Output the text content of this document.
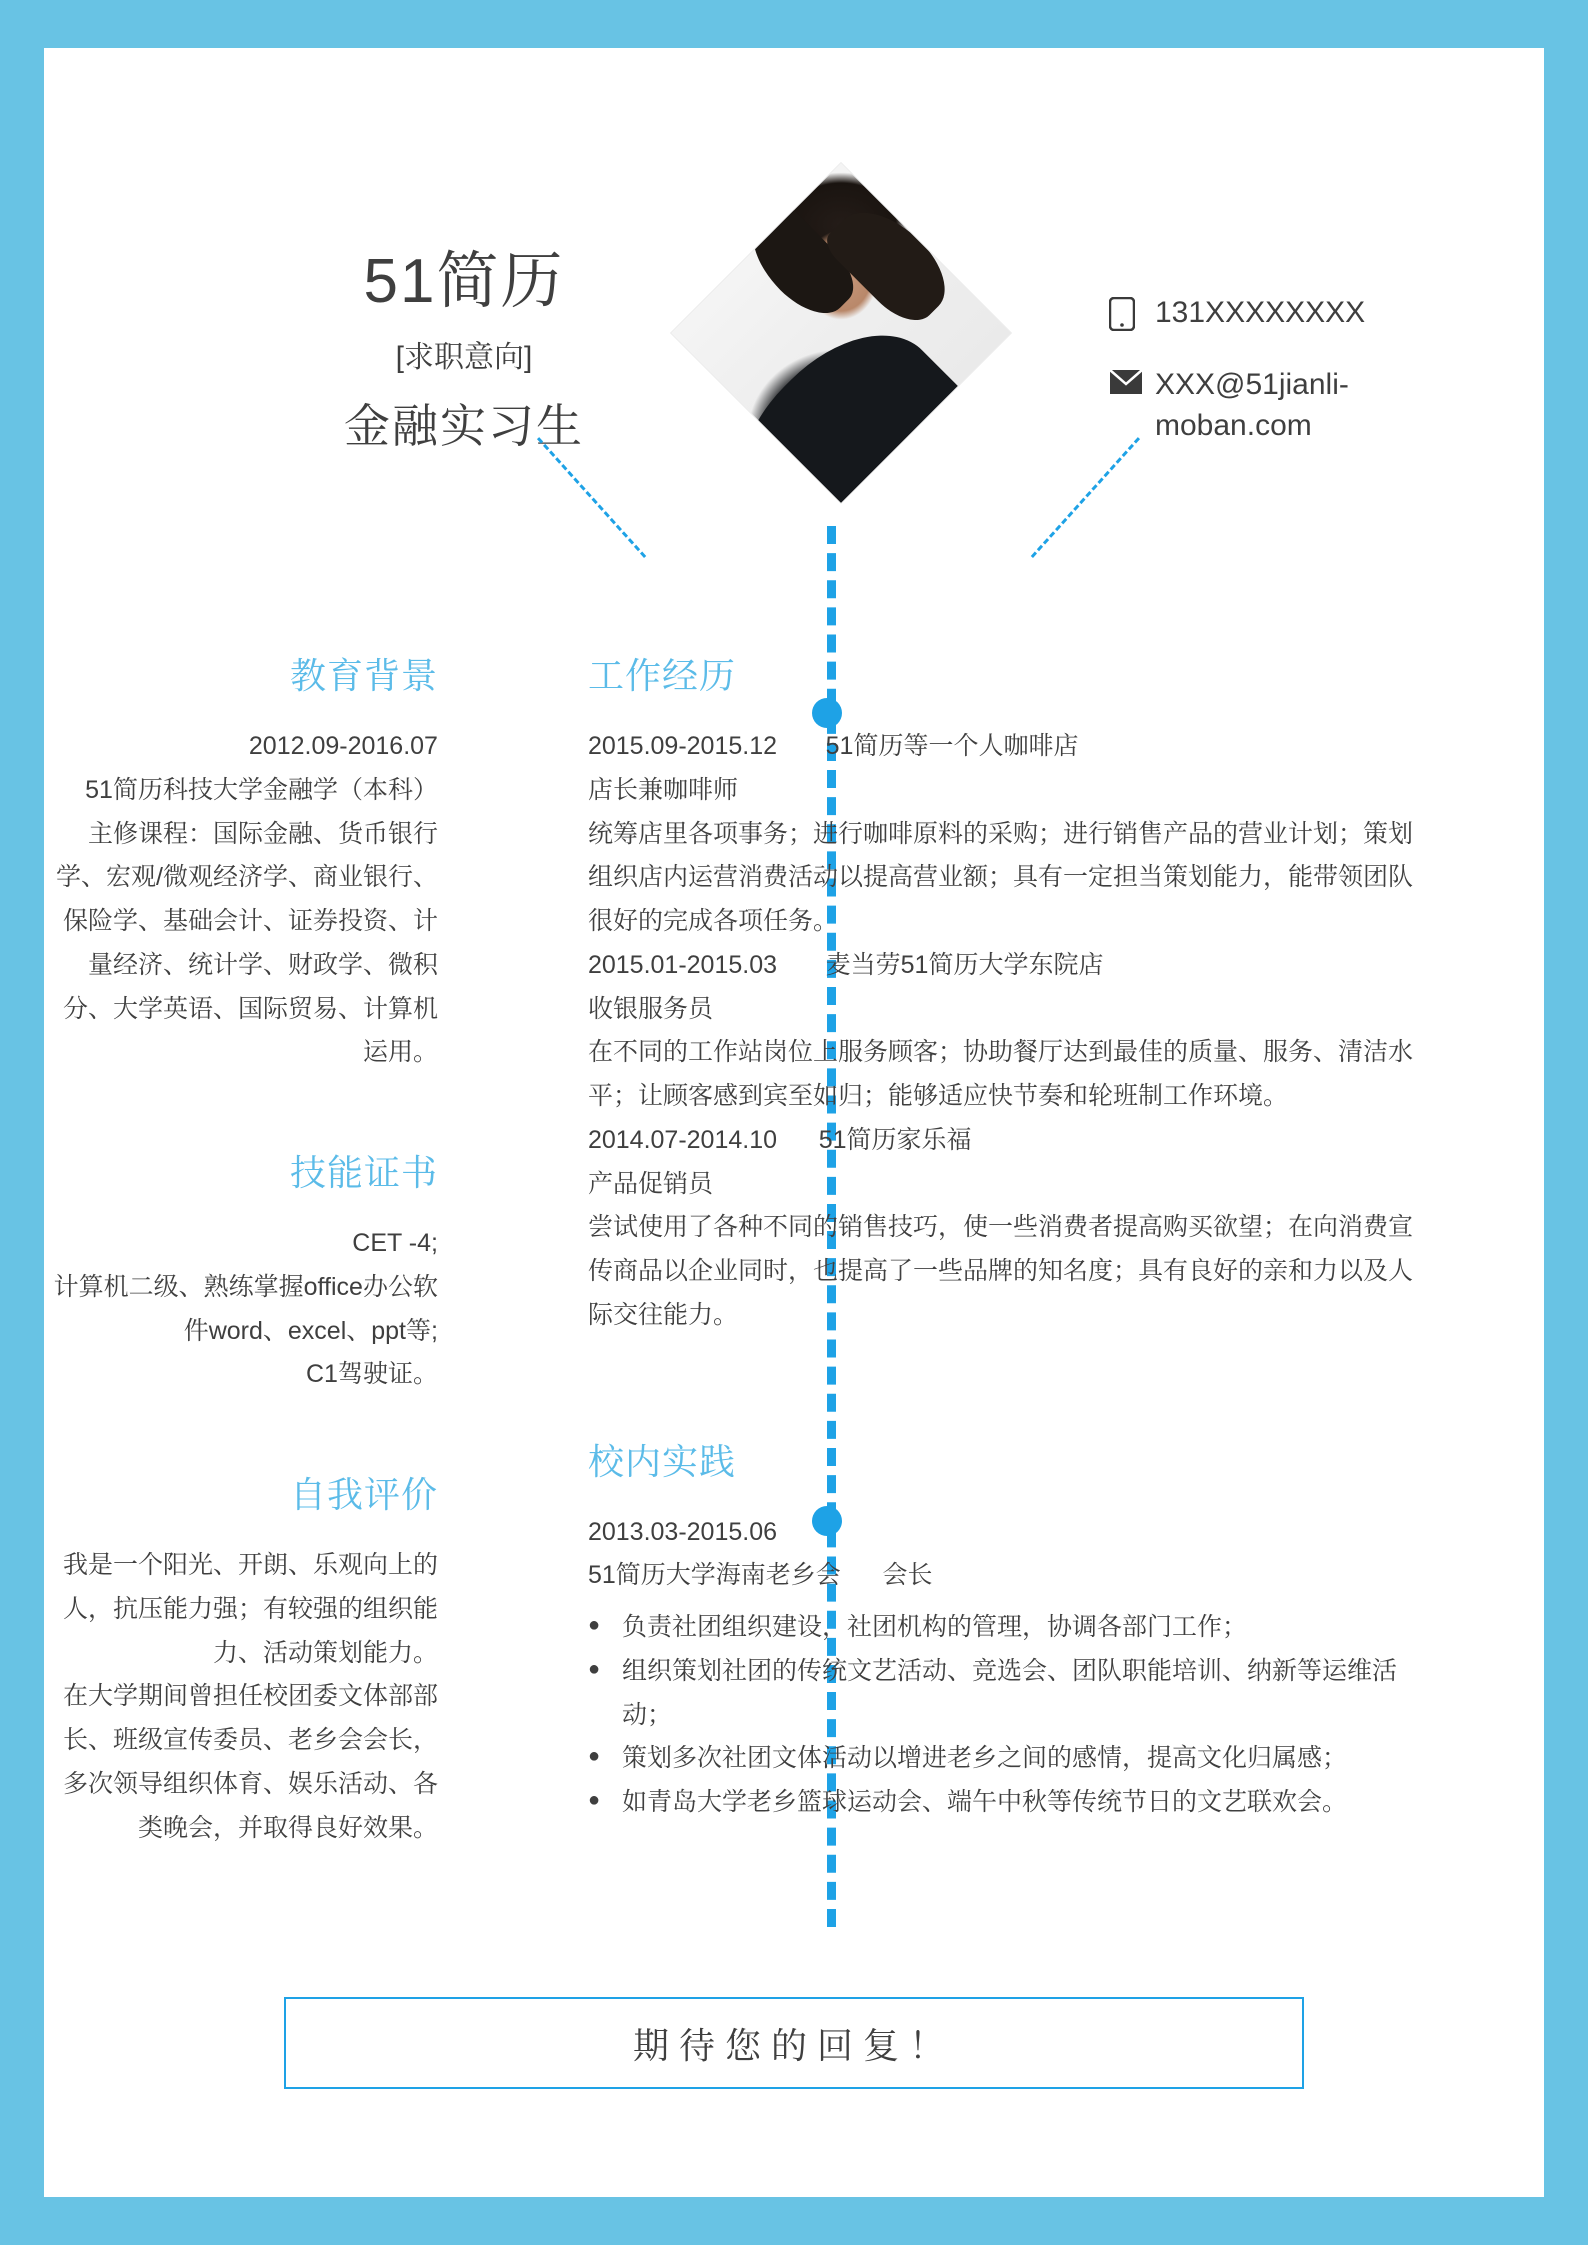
51简历
[求职意向]
金融实习生
131XXXXXXXX
XXX@51jianli-moban.com
教育背景
2012.09-2016.07
51简历科技大学金融学（本科）
主修课程：国际金融、货币银行学、宏观/微观经济学、商业银行、保险学、基础会计、证券投资、计量经济、统计学、财政学、微积分、大学英语、国际贸易、计算机运用。
技能证书
CET -4;
计算机二级、熟练掌握office办公软件word、excel、ppt等;
C1驾驶证。
自我评价
我是一个阳光、开朗、乐观向上的人，抗压能力强；有较强的组织能力、活动策划能力。
在大学期间曾担任校团委文体部部长、班级宣传委员、老乡会会长，多次领导组织体育、娱乐活动、各类晚会，并取得良好效果。
工作经历
2015.09-2015.12 51简历等一个人咖啡店
店长兼咖啡师
统筹店里各项事务；进行咖啡原料的采购；进行销售产品的营业计划；策划组织店内运营消费活动以提高营业额；具有一定担当策划能力，能带领团队很好的完成各项任务。
2015.01-2015.03 麦当劳51简历大学东院店
收银服务员
在不同的工作站岗位上服务顾客；协助餐厅达到最佳的质量、服务、清洁水平；让顾客感到宾至如归；能够适应快节奏和轮班制工作环境。
2014.07-2014.10 51简历家乐福
产品促销员
尝试使用了各种不同的销售技巧，使一些消费者提高购买欲望；在向消费宣传商品以企业同时，也提高了一些品牌的知名度；具有良好的亲和力以及人际交往能力。
校内实践
2013.03-2015.06
51简历大学海南老乡会 会长
● 负责社团组织建设，社团机构的管理，协调各部门工作；
● 组织策划社团的传统文艺活动、竞选会、团队职能培训、纳新等运维活动；
● 策划多次社团文体活动以增进老乡之间的感情，提高文化归属感；
● 如青岛大学老乡篮球运动会、端午中秋等传统节日的文艺联欢会。
期待您的回复！
